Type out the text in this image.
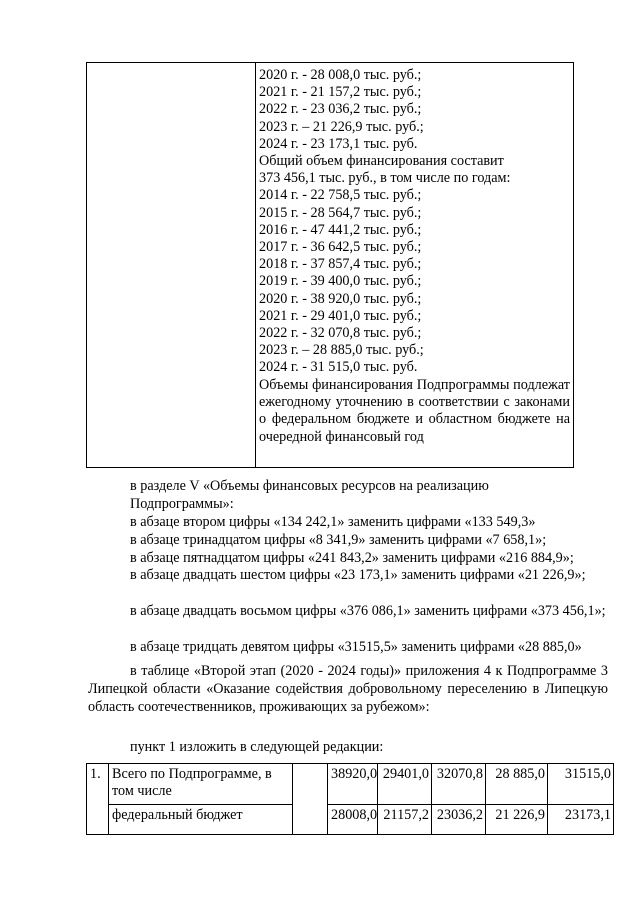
2020 г. - 28 008,0 тыс. руб.;
2021 г. - 21 157,2 тыс. руб.;
2022 г. - 23 036,2 тыс. руб.;
2023 г. – 21 226,9 тыс. руб.;
2024 г. - 23 173,1 тыс. руб.
Общий объем финансирования составит
373 456,1 тыс. руб., в том числе по годам:
2014 г. - 22 758,5 тыс. руб.;
2015 г. - 28 564,7 тыс. руб.;
2016 г. - 47 441,2 тыс. руб.;
2017 г. - 36 642,5 тыс. руб.;
2018 г. - 37 857,4 тыс. руб.;
2019 г. - 39 400,0 тыс. руб.;
2020 г. - 38 920,0 тыс. руб.;
2021 г. - 29 401,0 тыс. руб.;
2022 г. - 32 070,8 тыс. руб.;
2023 г. – 28 885,0 тыс. руб.;
2024 г. - 31 515,0 тыс. руб.
Объемы финансирования Подпрограммы подлежат ежегодному уточнению в соответствии с законами о федеральном бюджете и областном бюджете на очередной финансовый год
в разделе V «Объемы финансовых ресурсов на реализацию Подпрограммы»:
в абзаце втором цифры «134 242,1» заменить цифрами «133 549,3»
в абзаце тринадцатом цифры «8 341,9» заменить цифрами «7 658,1»;
в абзаце пятнадцатом цифры «241 843,2» заменить цифрами «216 884,9»;
в абзаце двадцать шестом цифры «23 173,1» заменить цифрами «21 226,9»;
в абзаце двадцать восьмом цифры «376 086,1» заменить цифрами «373 456,1»;
в абзаце тридцать девятом цифры «31515,5» заменить цифрами «28 885,0»
в таблице «Второй этап (2020 - 2024 годы)» приложения 4 к Подпрограмме 3 Липецкой области «Оказание содействия добровольному переселению в Липецкую область соотечественников, проживающих за рубежом»:
пункт 1 изложить в следующей редакции:
1.	Всего по Подпрограмме, в том числе		38920,0	29401,0	32070,8	28 885,0	31515,0
	федеральный бюджет		28008,0	21157,2	23036,2	21 226,9	23173,1
